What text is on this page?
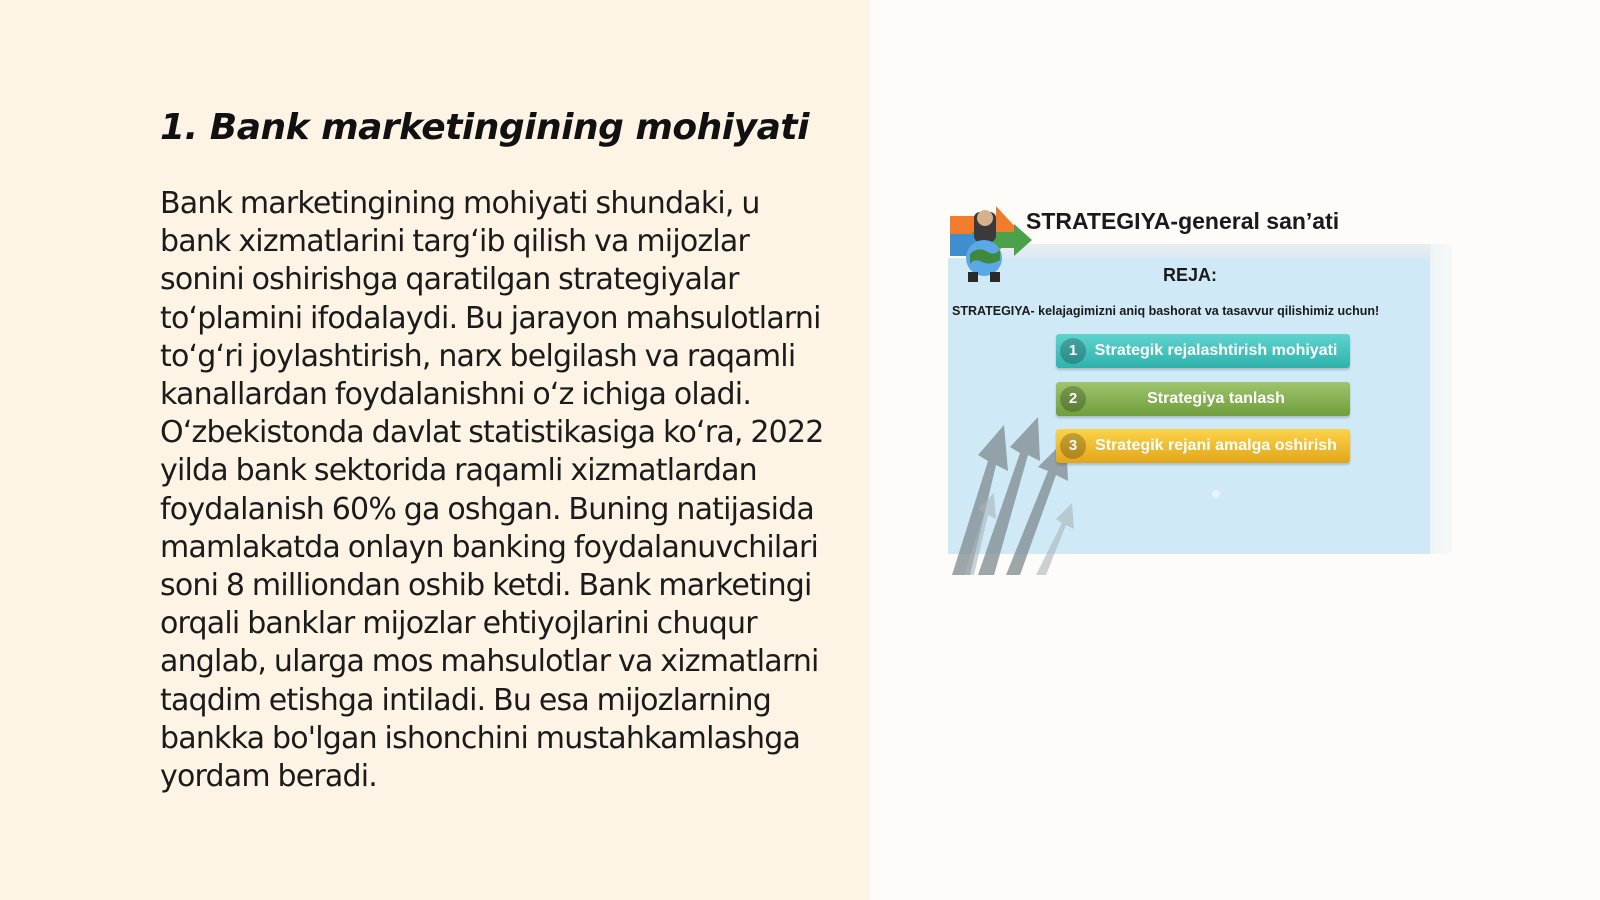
1. Bank marketingining mohiyati

Bank marketingining mohiyati shundaki, u bank xizmatlarini targ‘ib qilish va mijozlar sonini oshirishga qaratilgan strategiyalar to‘plamini ifodalaydi. Bu jarayon mahsulotlarni to‘g‘ri joylashtirish, narx belgilash va raqamli kanallardan foydalanishni o‘z ichiga oladi. O‘zbekistonda davlat statistikasiga ko‘ra, 2022 yilda bank sektorida raqamli xizmatlardan foydalanish 60% ga oshgan. Buning natijasida mamlakatda onlayn banking foydalanuvchilari soni 8 milliondan oshib ketdi. Bank marketingi orqali banklar mijozlar ehtiyojlarini chuqur anglab, ularga mos mahsulotlar va xizmatlarni taqdim etishga intiladi. Bu esa mijozlarning bankka bo'lgan ishonchini mustahkamlashga yordam beradi.

STRATEGIYA-general san’ati
REJA:
STRATEGIYA- kelajagimizni aniq bashorat va tasavvur qilishimiz uchun!
1	Strategik rejalashtirish mohiyati
2	Strategiya tanlash
3	Strategik rejani amalga oshirish
